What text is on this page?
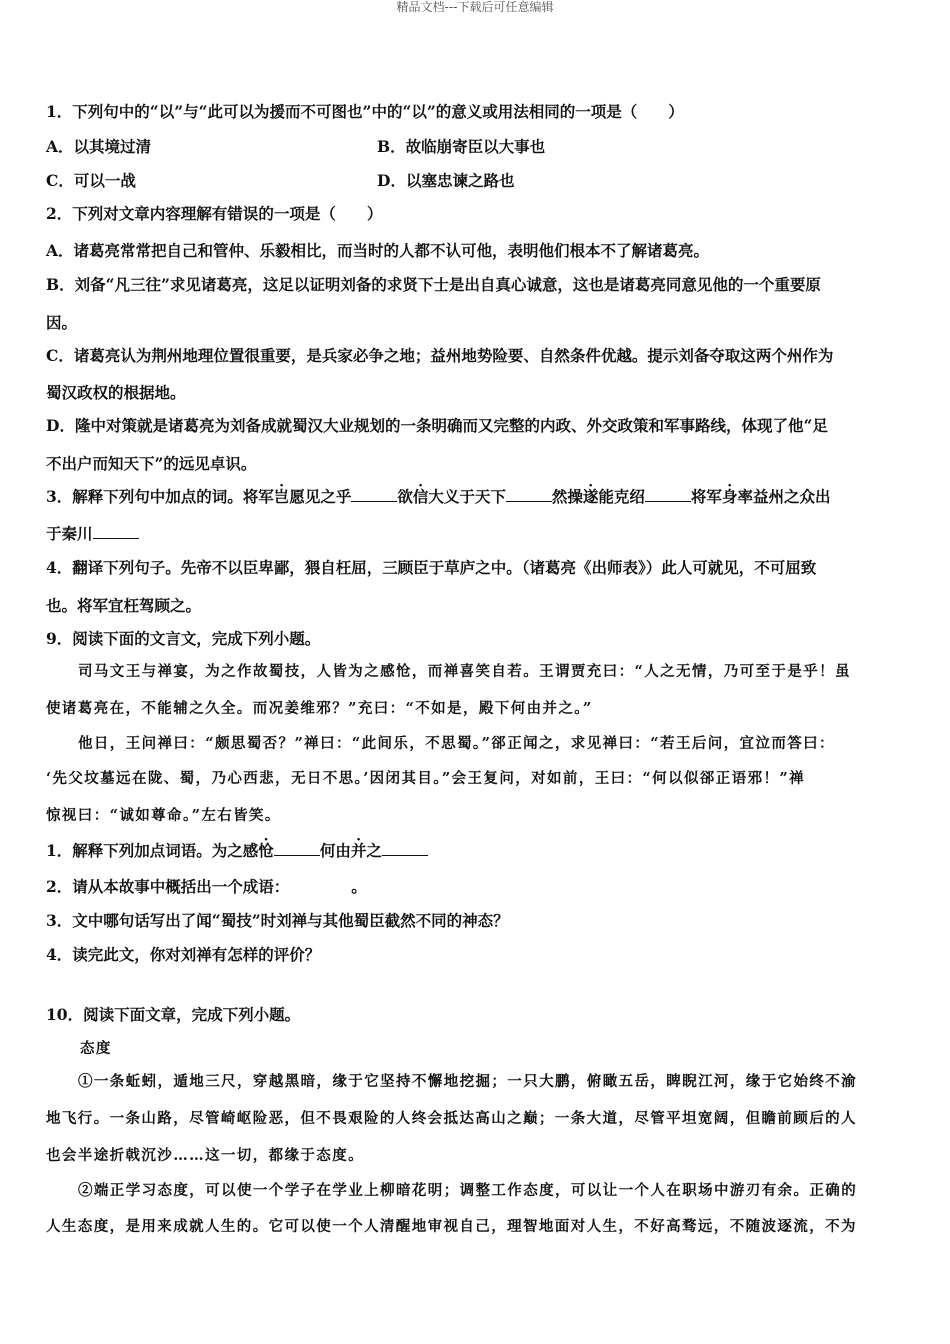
精品文档---下载后可任意编辑
1．下列句中的“以”与“此可以为援而不可图也”中的“以”的意义或用法相同的一项是（　　）
A．以其境过清	B．故临崩寄臣以大事也
C．可以一战	D．以塞忠谏之路也
2．下列对文章内容理解有错误的一项是（　　）
A．诸葛亮常常把自己和管仲、乐毅相比，而当时的人都不认可他，表明他们根本不了解诸葛亮。
B．刘备“凡三往”求见诸葛亮，这足以证明刘备的求贤下士是出自真心诚意，这也是诸葛亮同意见他的一个重要原
因。
C．诸葛亮认为荆州地理位置很重要，是兵家必争之地；益州地势险要、自然条件优越。提示刘备夺取这两个州作为
蜀汉政权的根据地。
D．隆中对策就是诸葛亮为刘备成就蜀汉大业规划的一条明确而又完整的内政、外交政策和军事路线，体现了他“足
不出户而知天下”的远见卓识。
3．解释下列句中加点的词。将军岂愿见之乎	欲信大义于天下	然操遂能克绍	将军身率益州之众出
于秦川
4．翻译下列句子。先帝不以臣卑鄙，猥自枉屈，三顾臣于草庐之中。（诸葛亮《出师表》）此人可就见，不可屈致
也。将军宜枉驾顾之。
9．阅读下面的文言文，完成下列小题。
司马文王与禅宴，为之作故蜀技，人皆为之感怆，而禅喜笑自若。王谓贾充曰：“人之无情，乃可至于是乎！虽
使诸葛亮在，不能辅之久全。而况姜维邪？”充曰：“不如是，殿下何由并之。”
他日，王问禅曰：“颇思蜀否？”禅曰：“此间乐，不思蜀。”郤正闻之，求见禅曰：“若王后问，宜泣而答曰：
‘先父坟墓远在陇、蜀，乃心西悲，无日不思。’因闭其目。”会王复问，对如前，王曰：“何以似郤正语邪！”禅
惊视曰：“诚如尊命。”左右皆笑。
1．解释下列加点词语。为之感怆	何由并之
2．请从本故事中概括出一个成语：	。
3．文中哪句话写出了闻“蜀技”时刘禅与其他蜀臣截然不同的神态？
4．读完此文，你对刘禅有怎样的评价？
10．阅读下面文章，完成下列小题。
态度
①一条蚯蚓，遁地三尺，穿越黑暗，缘于它坚持不懈地挖掘；一只大鹏，俯瞰五岳，睥睨江河，缘于它始终不渝
地飞行。一条山路，尽管崎岖险恶，但不畏艰险的人终会抵达高山之巅；一条大道，尽管平坦宽阔，但瞻前顾后的人
也会半途折戟沉沙……这一切，都缘于态度。
②端正学习态度，可以使一个学子在学业上柳暗花明；调整工作态度，可以让一个人在职场中游刃有余。正确的
人生态度，是用来成就人生的。它可以使一个人清醒地审视自己，理智地面对人生，不好高骛远，不随波逐流，不为
